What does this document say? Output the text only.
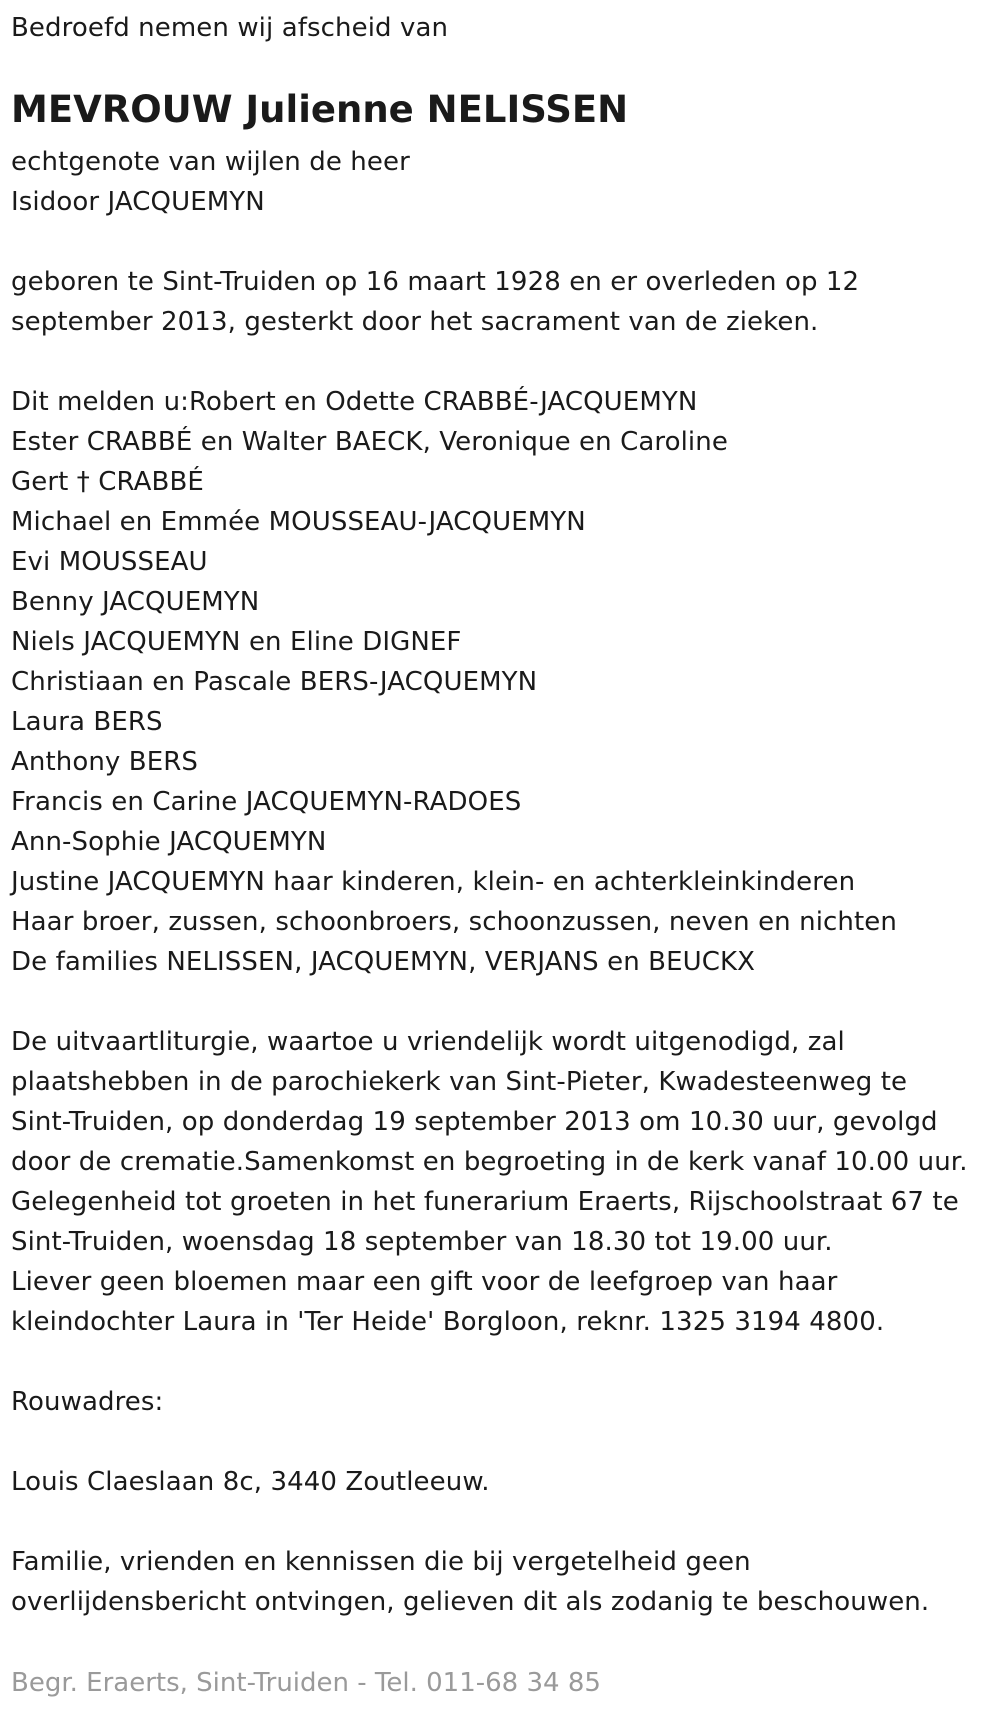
Bedroefd nemen wij afscheid van
MEVROUW Julienne NELISSEN
echtgenote van wijlen de heer
Isidoor JACQUEMYN
geboren te Sint-Truiden op 16 maart 1928 en er overleden op 12
september 2013, gesterkt door het sacrament van de zieken.
Dit melden u:Robert en Odette CRABBÉ-JACQUEMYN
Ester CRABBÉ en Walter BAECK, Veronique en Caroline
Gert † CRABBÉ
Michael en Emmée MOUSSEAU-JACQUEMYN
Evi MOUSSEAU
Benny JACQUEMYN
Niels JACQUEMYN en Eline DIGNEF
Christiaan en Pascale BERS-JACQUEMYN
Laura BERS
Anthony BERS
Francis en Carine JACQUEMYN-RADOES
Ann-Sophie JACQUEMYN
Justine JACQUEMYN haar kinderen, klein- en achterkleinkinderen
Haar broer, zussen, schoonbroers, schoonzussen, neven en nichten
De families NELISSEN, JACQUEMYN, VERJANS en BEUCKX
De uitvaartliturgie, waartoe u vriendelijk wordt uitgenodigd, zal
plaatshebben in de parochiekerk van Sint-Pieter, Kwadesteenweg te
Sint-Truiden, op donderdag 19 september 2013 om 10.30 uur, gevolgd
door de crematie.Samenkomst en begroeting in de kerk vanaf 10.00 uur.
Gelegenheid tot groeten in het funerarium Eraerts, Rijschoolstraat 67 te
Sint-Truiden, woensdag 18 september van 18.30 tot 19.00 uur.
Liever geen bloemen maar een gift voor de leefgroep van haar
kleindochter Laura in 'Ter Heide' Borgloon, reknr. 1325 3194 4800.
Rouwadres:
Louis Claeslaan 8c, 3440 Zoutleeuw.
Familie, vrienden en kennissen die bij vergetelheid geen
overlijdensbericht ontvingen, gelieven dit als zodanig te beschouwen.
Begr. Eraerts, Sint-Truiden - Tel. 011-68 34 85
